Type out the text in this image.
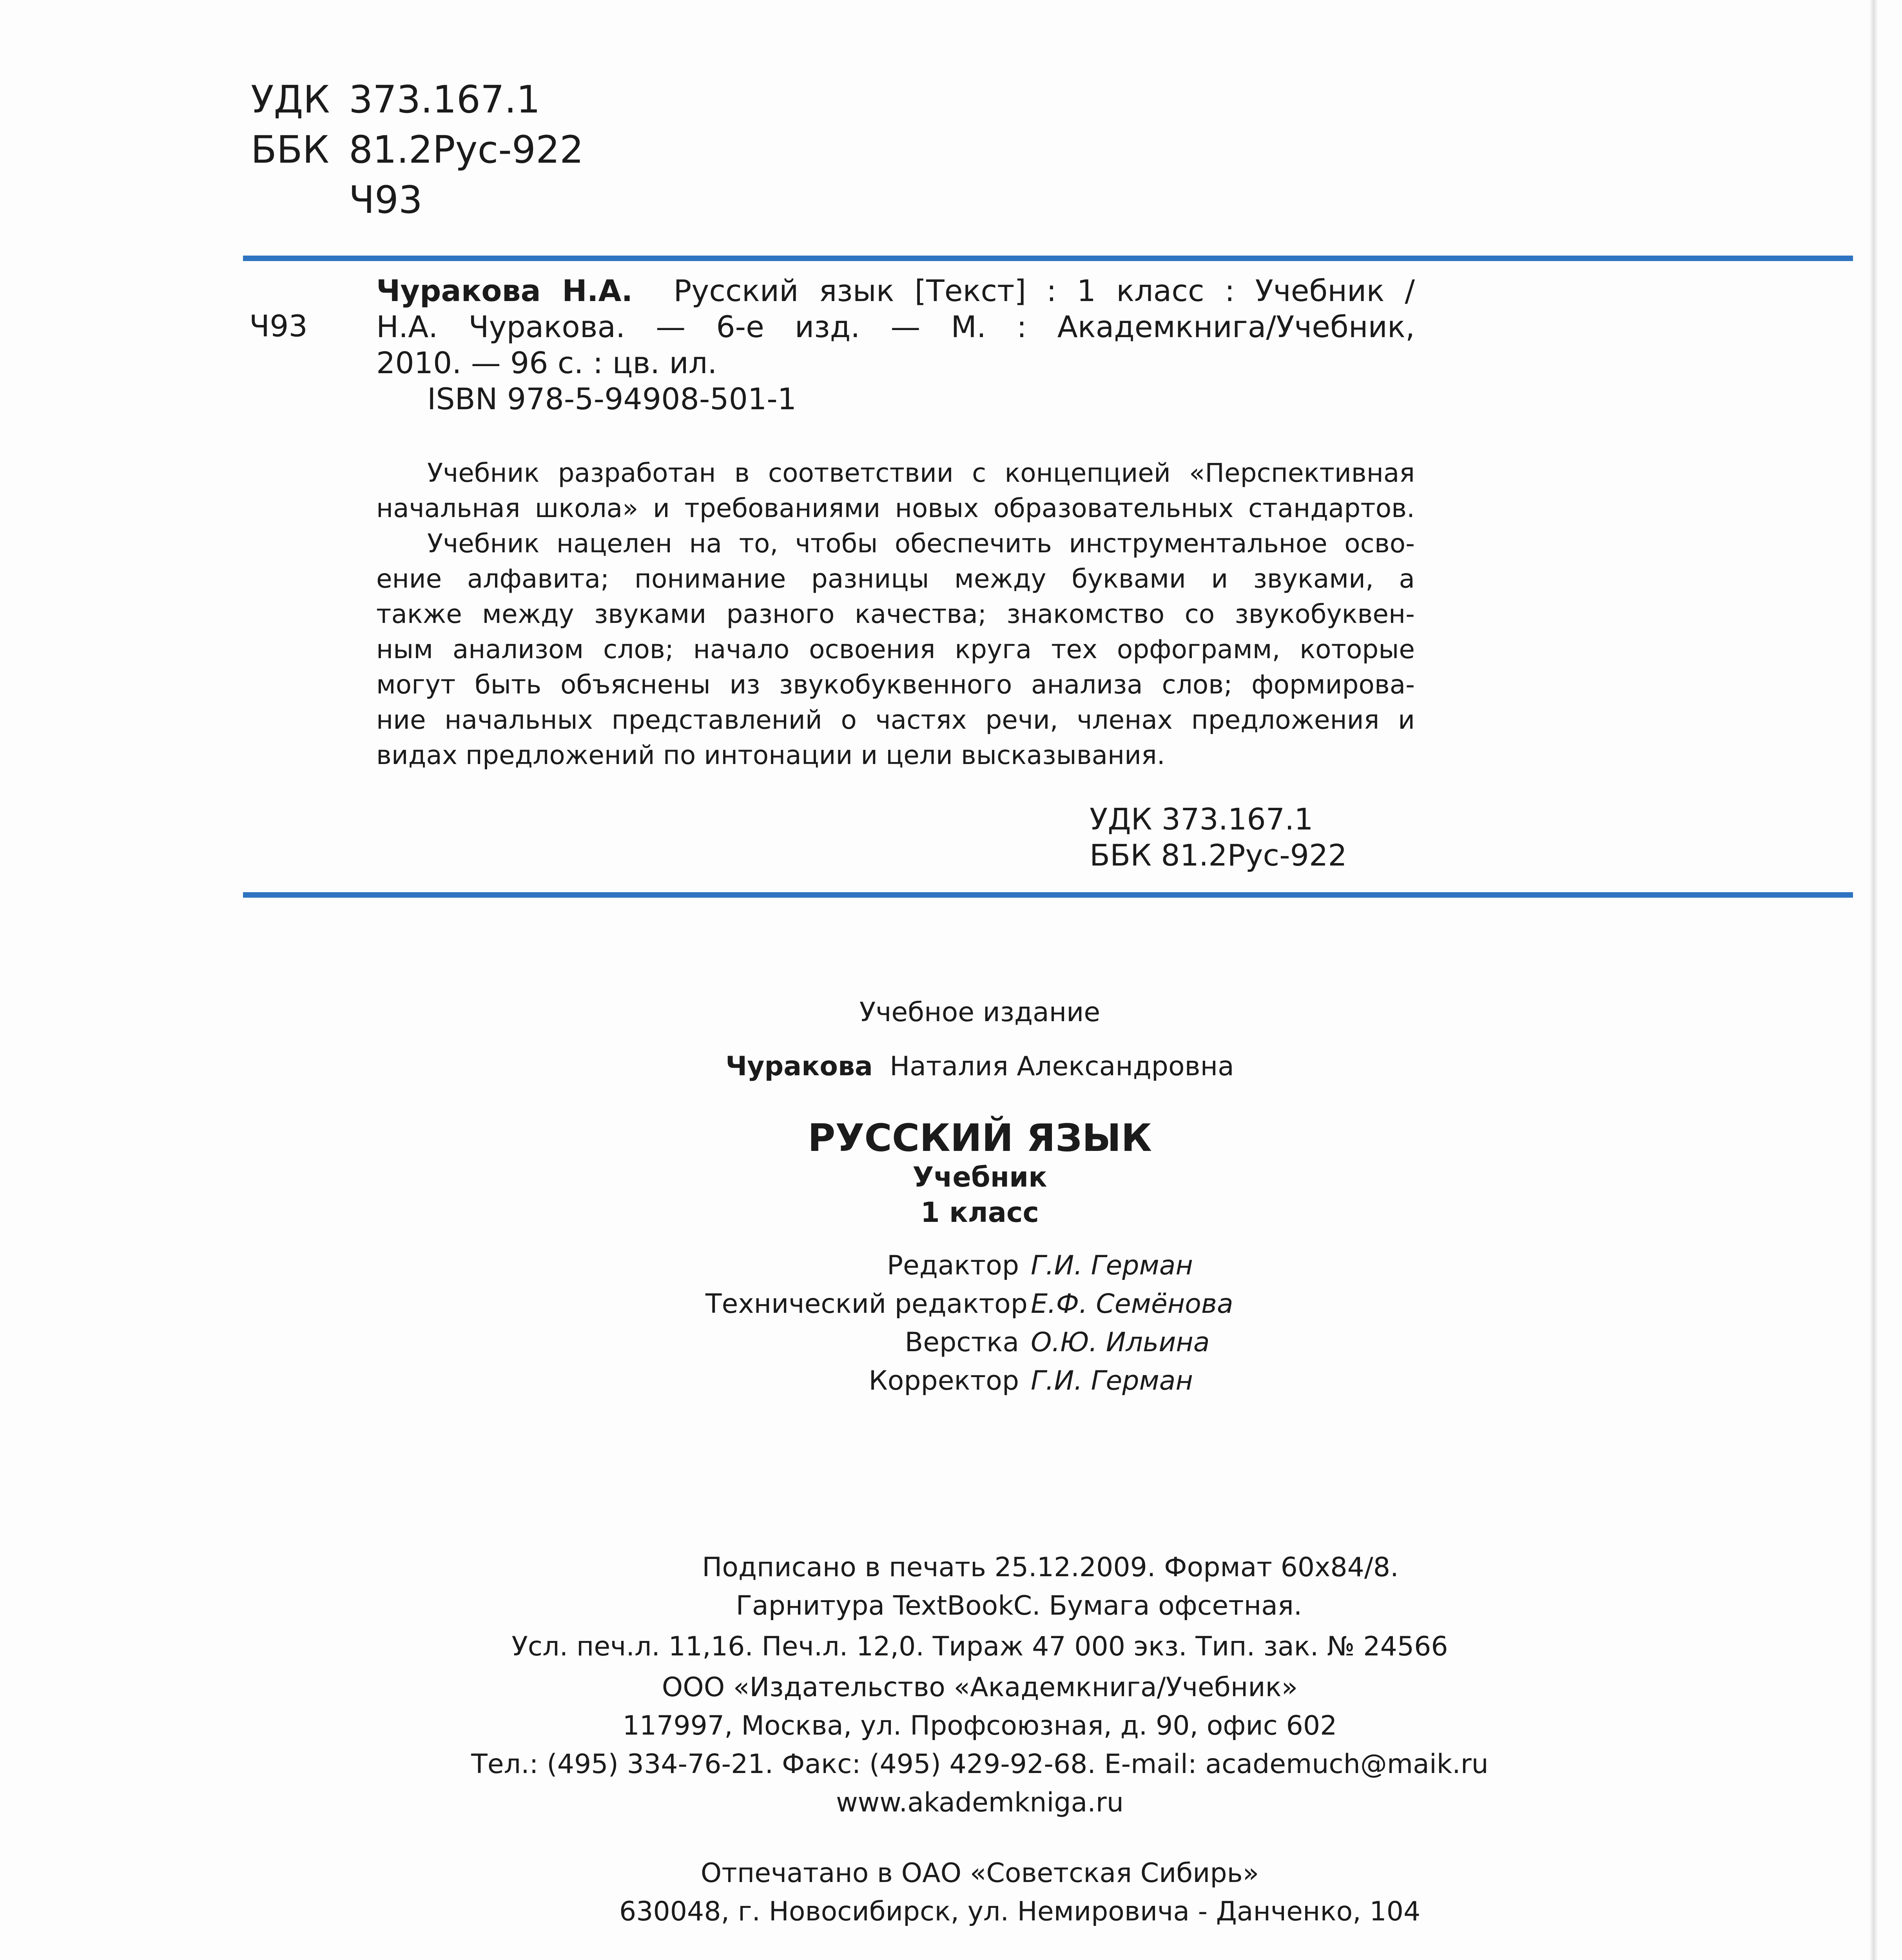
УДК 373.167.1
ББК 81.2Рус-922
Ч93
Ч93
Чуракова Н.А. Русский язык [Текст] : 1 класс : Учебник /
Н.А. Чуракова. — 6-е изд. — М. : Академкнига/Учебник,
2010. — 96 с. : цв. ил.
ISBN 978-5-94908-501-1
Учебник разработан в соответствии с концепцией «Перспективная
начальная школа» и требованиями новых образовательных стандартов.
Учебник нацелен на то, чтобы обеспечить инструментальное осво-
ение алфавита; понимание разницы между буквами и звуками, а
также между звуками разного качества; знакомство со звукобуквен-
ным анализом слов; начало освоения круга тех орфограмм, которые
могут быть объяснены из звукобуквенного анализа слов; формирова-
ние начальных представлений о частях речи, членах предложения и
видах предложений по интонации и цели высказывания.
УДК 373.167.1
ББК 81.2Рус-922
Учебное издание
Чуракова Наталия Александровна
РУССКИЙ ЯЗЫК
Учебник
1 класс
Редактор Г.И. Герман
Технический редактор Е.Ф. Семёнова
Верстка О.Ю. Ильина
Корректор Г.И. Герман
Подписано в печать 25.12.2009. Формат 60х84/8.
Гарнитура TextBookC. Бумага офсетная.
Усл. печ.л. 11,16. Печ.л. 12,0. Тираж 47 000 экз. Тип. зак. № 24566
ООО «Издательство «Академкнига/Учебник»
117997, Москва, ул. Профсоюзная, д. 90, офис 602
Тел.: (495) 334-76-21. Факс: (495) 429-92-68. E-mail: academuch@maik.ru
www.akademkniga.ru
Отпечатано в ОАО «Советская Сибирь»
630048, г. Новосибирск, ул. Немировича - Данченко, 104
